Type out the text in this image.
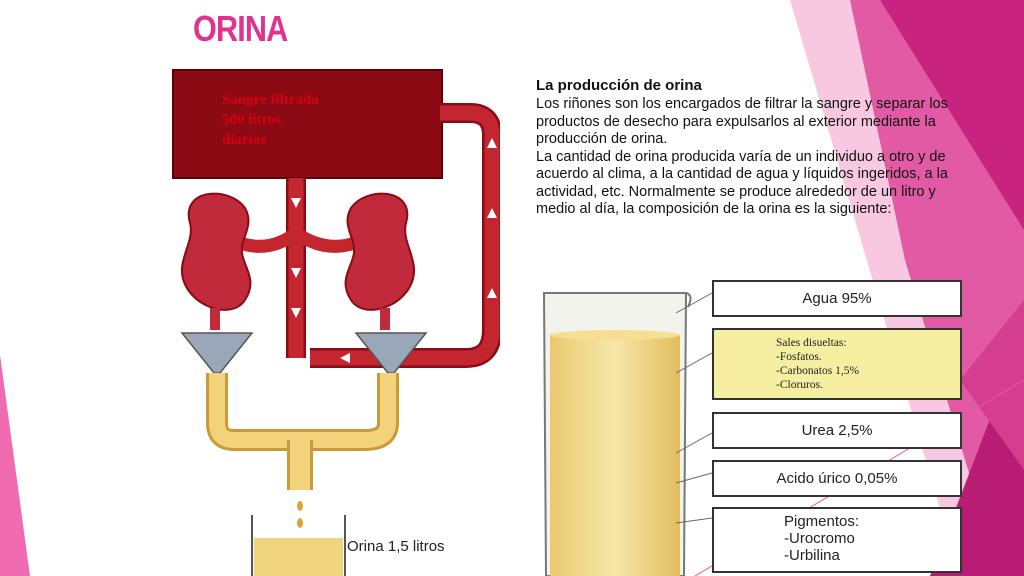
ORINA
Sangre filtrada
500 litros
diarios
Orina 1,5 litros
La producción de orina

Los riñones son los encargados de filtrar la sangre y separar los productos de desecho para expulsarlos al exterior mediante la producción de orina.

La cantidad de orina producida varía de un individuo a otro y de acuerdo al clima, a la cantidad de agua y líquidos ingeridos, a la actividad, etc. Normalmente se produce alrededor de un litro y medio al día, la composición de la orina es la siguiente:

Agua 95%
Sales disueltas:
-Fosfatos.
-Carbonatos 1,5%
-Cloruros.
Urea 2,5%
Acido úrico 0,05%
Pigmentos:
-Urocromo
-Urbilina
